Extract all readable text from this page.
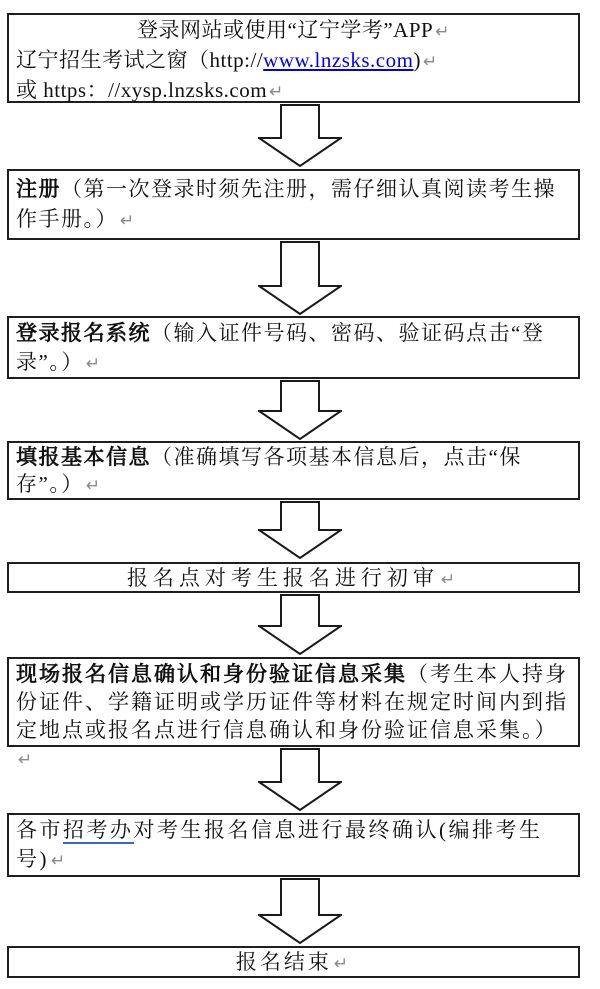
登录网站或使用“辽宁学考”APP ↵
辽宁招生考试之窗（http://www.lnzsks.com) ↵
或 https：//xysp.lnzsks.com ↵
注册（第一次登录时须先注册，需仔细认真阅读考生操作手册。） ↵
登录报名系统（输入证件号码、密码、验证码点击“登录”。） ↵
填报基本信息（准确填写各项基本信息后，点击“保存”。） ↵
报名点对考生报名进行初审 ↵
现场报名信息确认和身份验证信息采集（考生本人持身份证件、学籍证明或学历证件等材料在规定时间内到指定地点或报名点进行信息确认和身份验证信息采集。）↵
各市招考办对考生报名信息进行最终确认(编排考生号) ↵
报名结束 ↵
